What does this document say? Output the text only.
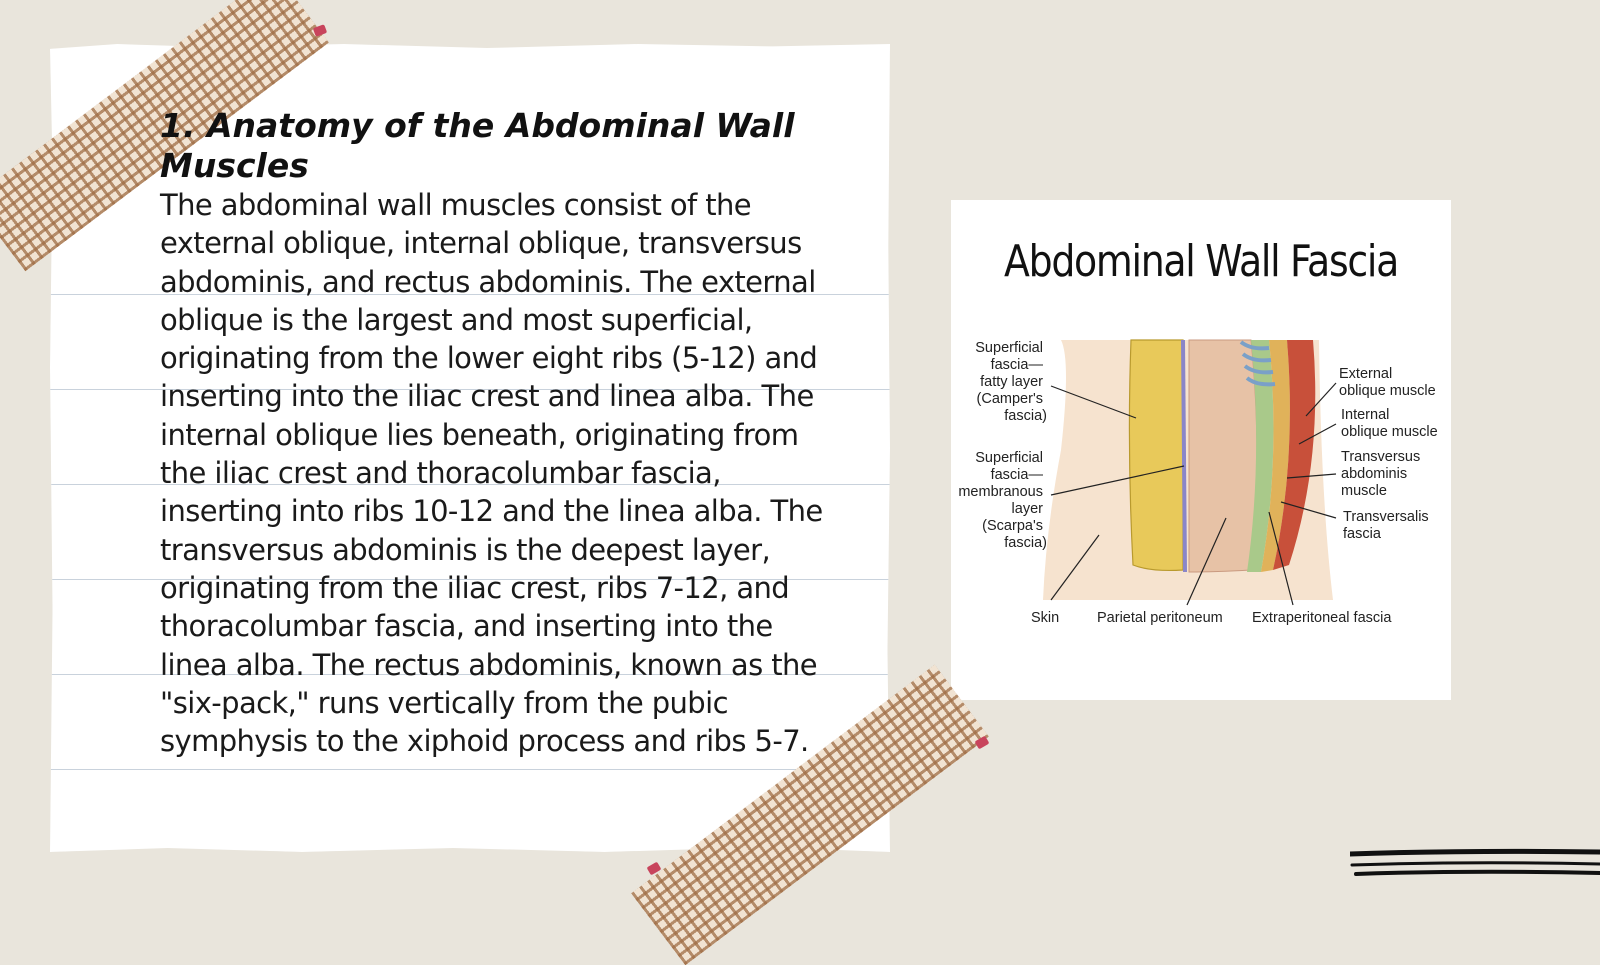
1. Anatomy of the Abdominal Wall Muscles

The abdominal wall muscles consist of the external oblique, internal oblique, transversus abdominis, and rectus abdominis. The external oblique is the largest and most superficial, originating from the lower eight ribs (5-12) and inserting into the iliac crest and linea alba. The internal oblique lies beneath, originating from the iliac crest and thoracolumbar fascia, inserting into ribs 10-12 and the linea alba. The transversus abdominis is the deepest layer, originating from the iliac crest, ribs 7-12, and thoracolumbar fascia, and inserting into the linea alba. The rectus abdominis, known as the "six-pack," runs vertically from the pubic symphysis to the xiphoid process and ribs 5-7.

Abdominal Wall Fascia
Superficial fascia— fatty layer (Camper's fascia)
Superficial fascia— membranous layer (Scarpa's fascia)
External oblique muscle
Internal oblique muscle
Transversus abdominis muscle
Transversalis fascia
Skin	Parietal peritoneum Extraperitoneal fascia
